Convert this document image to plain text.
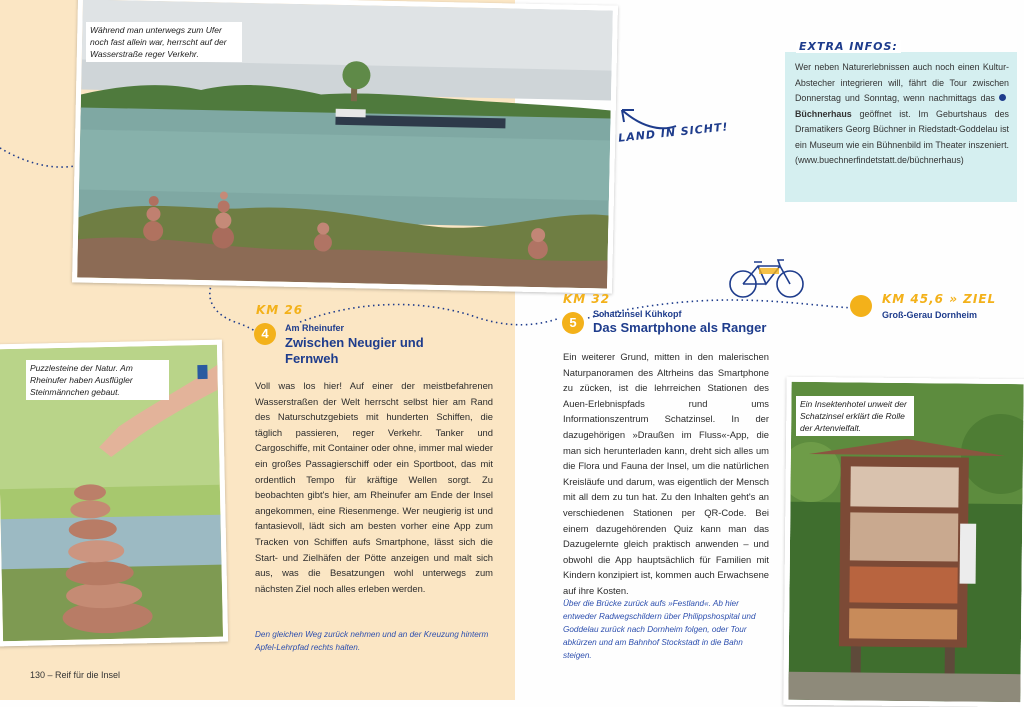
Während man unterwegs zum Ufer noch fast allein war, herrscht auf der Wasserstraße reger Verkehr.
LAND IN SICHT!
EXTRA INFOS:
Wer neben Naturerlebnissen auch noch einen Kultur-Abstecher integrieren will, fährt die Tour zwischen Donnerstag und Sonntag, wenn nachmittags das Büchnerhaus geöffnet ist. Im Geburtshaus des Dramatikers Georg Büchner in Riedstadt-Goddelau ist ein Museum wie ein Bühnenbild im Theater inszeniert. (www.buechnerfindetstatt.de/büchnerhaus)
KM 45,6 » ZIEL
Groß-Gerau Dornheim
Puzzlesteine der Natur. Am Rheinufer haben Ausflügler Steinmännchen gebaut.
KM 26
4	Am Rheinufer
Zwischen Neugier und Fernweh
Voll was los hier! Auf einer der meistbefahrenen Wasserstraßen der Welt herrscht selbst hier am Rand des Naturschutzgebiets mit hunderten Schiffen, die täglich passieren, reger Verkehr. Tanker und Cargoschiffe, mit Container oder ohne, immer mal wieder ein großes Passagierschiff oder ein Sportboot, das mit ordentlich Tempo für kräftige Wellen sorgt. Zu beobachten gibt's hier, am Rheinufer am Ende der Insel angekommen, eine Riesenmenge. Wer neugierig ist und fantasievoll, lädt sich am besten vorher eine App zum Tracken von Schiffen aufs Smartphone, lässt sich die Start- und Zielhäfen der Pötte anzeigen und malt sich aus, was die Besatzungen wohl unterwegs zum nächsten Ziel noch alles erleben werden.
Den gleichen Weg zurück nehmen und an der Kreuzung hinterm Apfel-Lehrpfad rechts halten.
KM 32
5
Schatzinsel Kühkopf
Das Smartphone als Ranger
Ein weiterer Grund, mitten in den malerischen Naturpanoramen des Altrheins das Smartphone zu zücken, ist die lehrreichen Stationen des Auen-Erlebnispfads rund ums Informationszentrum Schatzinsel. In der dazugehörigen »Draußen im Fluss«-App, die man sich herunterladen kann, dreht sich alles um die Flora und Fauna der Insel, um die natürlichen Kreisläufe und darum, was eigentlich der Mensch mit all dem zu tun hat. Zu den Inhalten geht's an verschiedenen Stationen per QR-Code. Bei einem dazugehörenden Quiz kann man das Dazugelernte gleich praktisch anwenden – und obwohl die App hauptsächlich für Familien mit Kindern konzipiert ist, kommen auch Erwachsene auf ihre Kosten.
Über die Brücke zurück aufs »Festland«. Ab hier entweder Radwegschildern über Philippshospital und Goddelau zurück nach Dornheim folgen, oder Tour abkürzen und am Bahnhof Stockstadt in die Bahn steigen.
Ein Insektenhotel unweit der Schatzinsel erklärt die Rolle der Artenvielfalt.
130 – Reif für die Insel
